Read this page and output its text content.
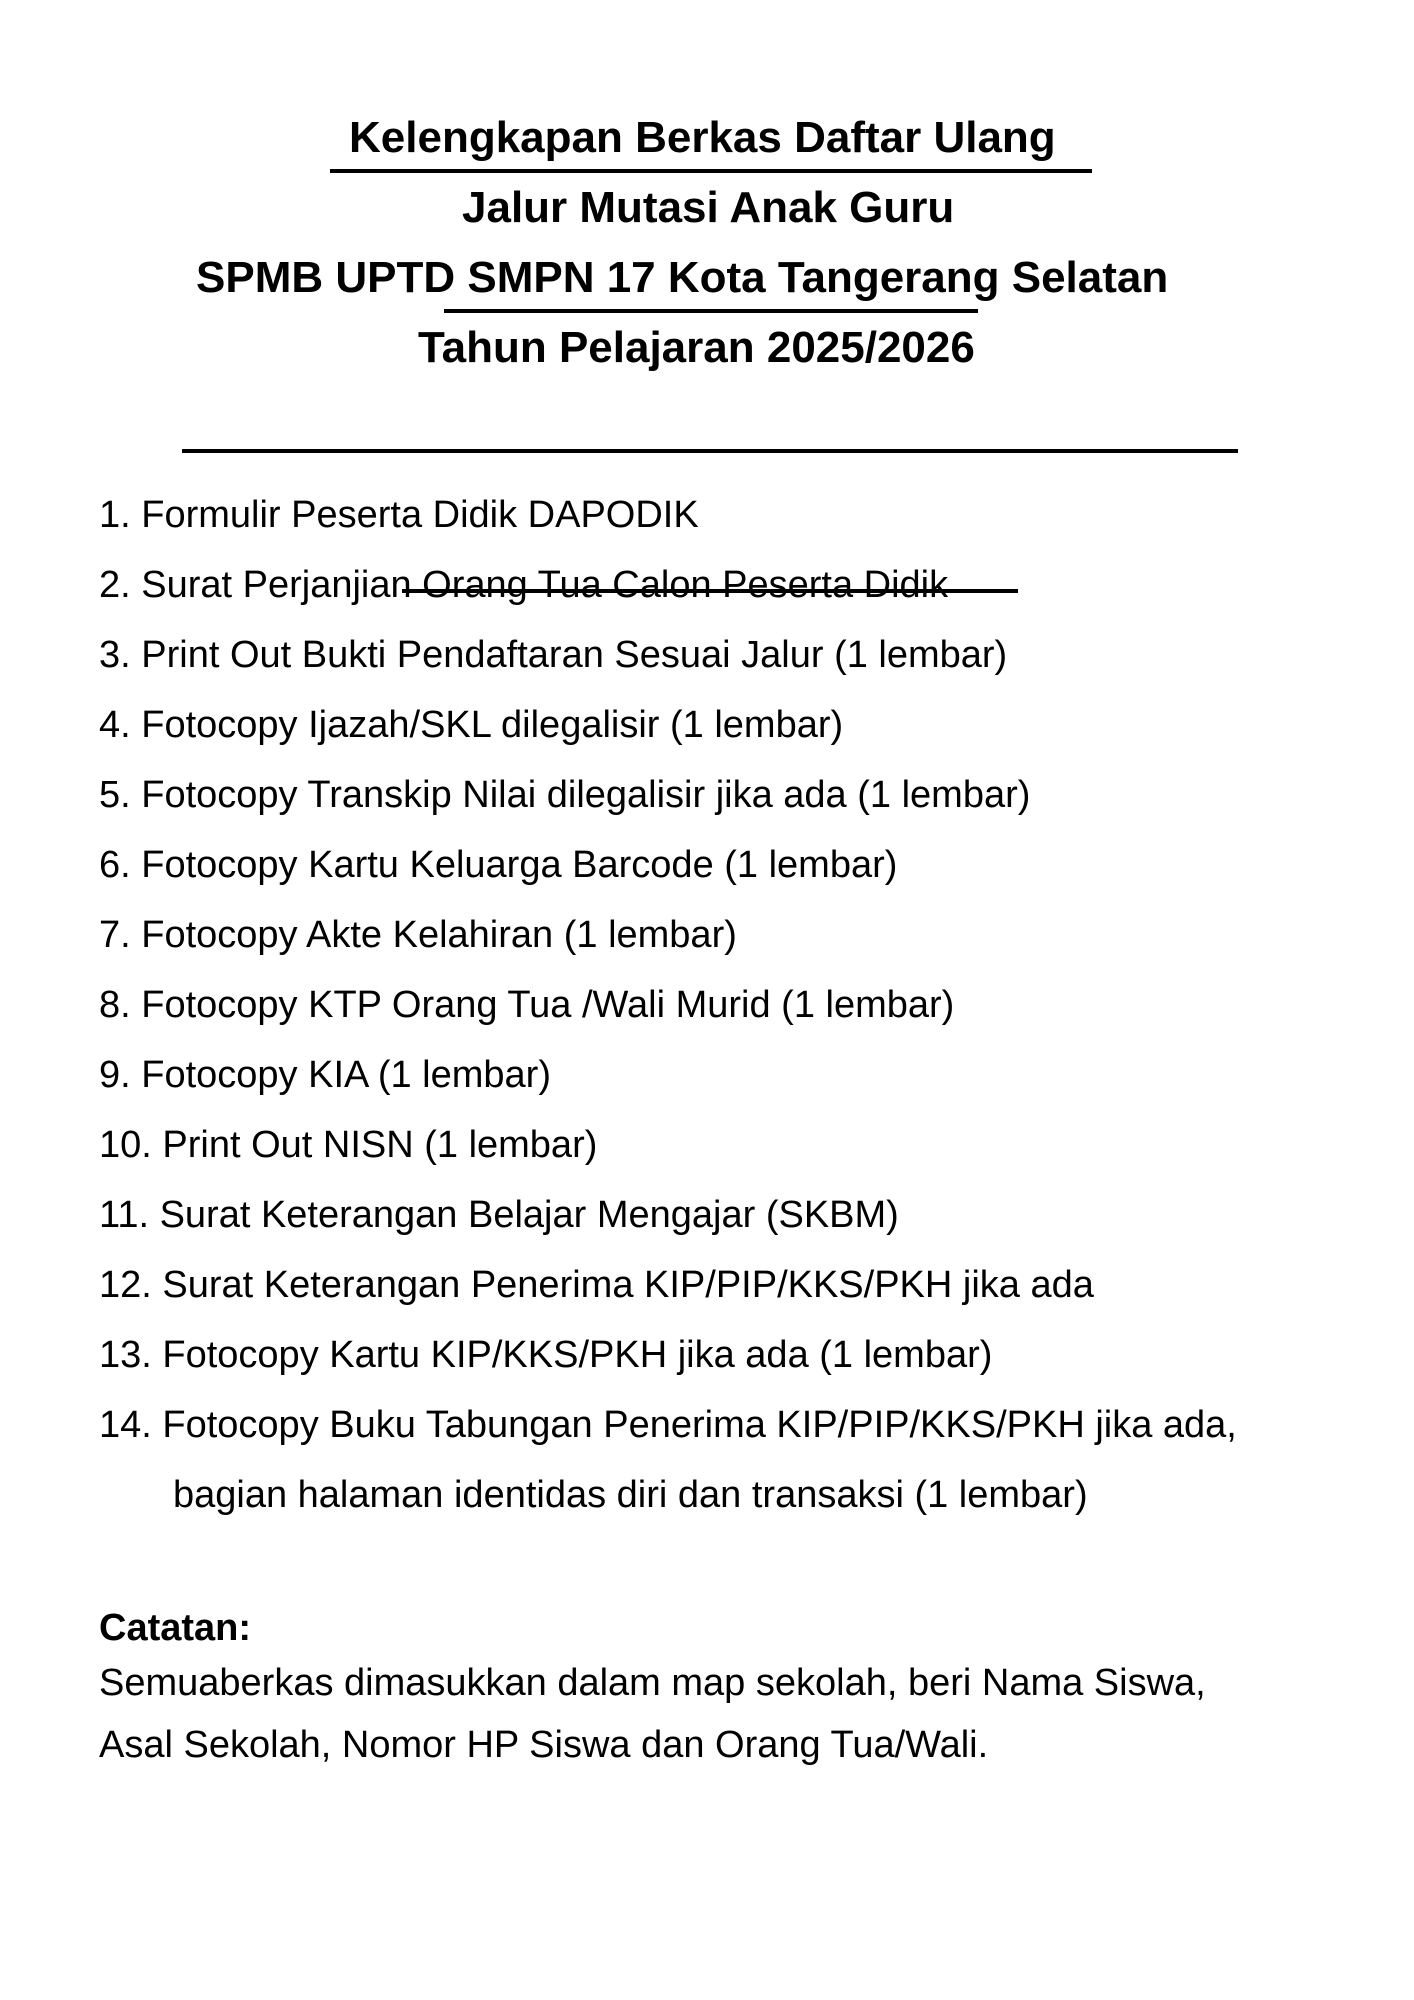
Kelengkapan Berkas Daftar Ulang
Jalur Mutasi Anak Guru
SPMB UPTD SMPN 17 Kota Tangerang Selatan
Tahun Pelajaran 2025/2026
1. Formulir Peserta Didik DAPODIK
2. Surat Perjanjian Orang Tua Calon Peserta Didik
3. Print Out Bukti Pendaftaran Sesuai Jalur (1 lembar)
4. Fotocopy Ijazah/SKL dilegalisir (1 lembar)
5. Fotocopy Transkip Nilai dilegalisir jika ada (1 lembar)
6. Fotocopy Kartu Keluarga Barcode (1 lembar)
7. Fotocopy Akte Kelahiran (1 lembar)
8. Fotocopy KTP Orang Tua /Wali Murid (1 lembar)
9. Fotocopy KIA (1 lembar)
10. Print Out NISN (1 lembar)
11. Surat Keterangan Belajar Mengajar (SKBM)
12. Surat Keterangan Penerima KIP/PIP/KKS/PKH jika ada
13. Fotocopy Kartu KIP/KKS/PKH jika ada (1 lembar)
14. Fotocopy Buku Tabungan Penerima KIP/PIP/KKS/PKH jika ada,
bagian halaman identidas diri dan transaksi (1 lembar)
Catatan:
Semuaberkas dimasukkan dalam map sekolah, beri Nama Siswa,
Asal Sekolah, Nomor HP Siswa dan Orang Tua/Wali.
